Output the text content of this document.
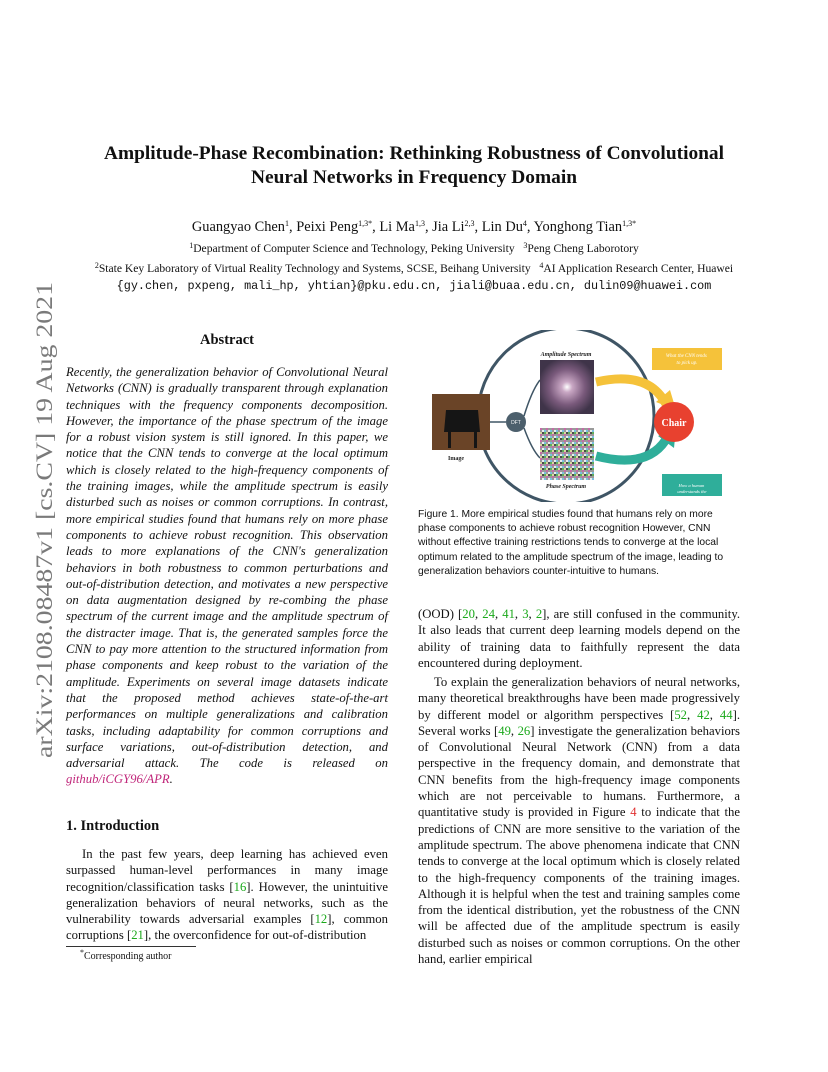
arXiv:2108.08487v1 [cs.CV] 19 Aug 2021
Amplitude-Phase Recombination: Rethinking Robustness of Convolutional
Neural Networks in Frequency Domain
Guangyao Chen$^1$, Peixi Peng$^{1,3*}$, Li Ma$^{1,3}$, Jia Li$^{2,3}$, Lin Du$^4$, Yonghong Tian$^{1,3*}$
$^1$Department of Computer Science and Technology, Peking University $^3$Peng Cheng Laborotory
$^2$State Key Laboratory of Virtual Reality Technology and Systems, SCSE, Beihang University $^4$AI Application Research Center, Huawei
{gy.chen, pxpeng, mali_hp, yhtian}@pku.edu.cn, jiali@buaa.edu.cn, dulin09@huawei.com
Abstract
Recently, the generalization behavior of Convolutional Neural Networks (CNN) is gradually transparent through explanation techniques with the frequency components decomposition. However, the importance of the phase spectrum of the image for a robust vision system is still ignored. In this paper, we notice that the CNN tends to converge at the local optimum which is closely related to the high-frequency components of the training images, while the amplitude spectrum is easily disturbed such as noises or common corruptions. In contrast, more empirical studies found that humans rely on more phase components to achieve robust recognition. This observation leads to more explanations of the CNN's generalization behaviors in both robustness to common perturbations and out-of-distribution detection, and motivates a new perspective on data augmentation designed by re-combing the phase spectrum of the current image and the amplitude spectrum of the distracter image. That is, the generated samples force the CNN to pay more attention to the structured information from phase components and keep robust to the variation of the amplitude. Experiments on several image datasets indicate that the proposed method achieves state-of-the-art performances on multiple generalizations and calibration tasks, including adaptability for common corruptions and surface variations, out-of-distribution detection, and adversarial attack. The code is released on github/iCGY96/APR.
1. Introduction
In the past few years, deep learning has achieved even surpassed human-level performances in many image recognition/classification tasks [16]. However, the unintuitive generalization behaviors of neural networks, such as the vulnerability towards adversarial examples [12], common corruptions [21], the overconfidence for out-of-distribution
*Corresponding author
Image
DFT
Amplitude Spectrum
Phase Spectrum
Chair
What the CNN tends to pick up.
How a human understands the image.
Figure 1. More empirical studies found that humans rely on more phase components to achieve robust recognition However, CNN without effective training restrictions tends to converge at the local optimum related to the amplitude spectrum of the image, leading to generalization behaviors counter-intuitive to humans.
(OOD) [20, 24, 41, 3, 2], are still confused in the community. It also leads that current deep learning models depend on the ability of training data to faithfully represent the data encountered during deployment.
To explain the generalization behaviors of neural networks, many theoretical breakthroughs have been made progressively by different model or algorithm perspectives [52, 42, 44]. Several works [49, 26] investigate the generalization behaviors of Convolutional Neural Network (CNN) from a data perspective in the frequency domain, and demonstrate that CNN benefits from the high-frequency image components which are not perceivable to humans. Furthermore, a quantitative study is provided in Figure 4 to indicate that the predictions of CNN are more sensitive to the variation of the amplitude spectrum. The above phenomena indicate that CNN tends to converge at the local optimum which is closely related to the high-frequency components of the training images. Although it is helpful when the test and training samples come from the identical distribution, yet the robustness of the CNN will be affected due of the amplitude spectrum is easily disturbed such as noises or common corruptions. On the other hand, earlier empirical
